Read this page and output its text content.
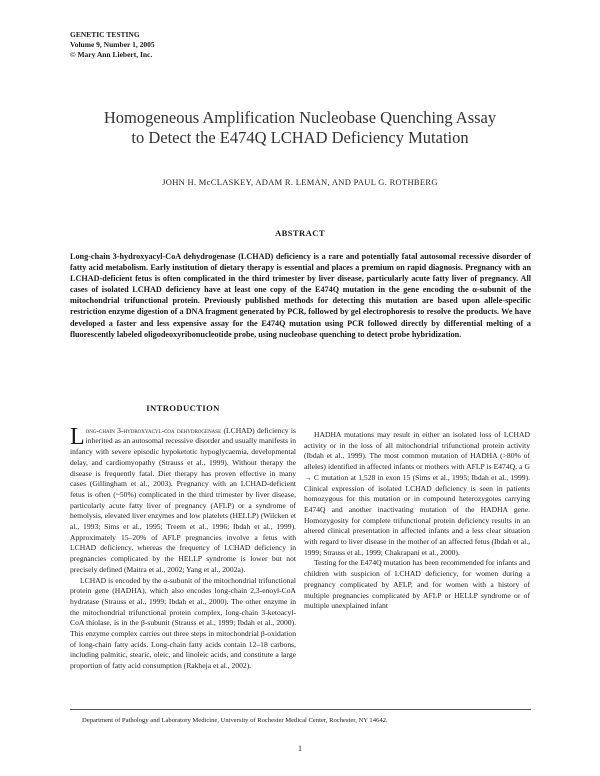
GENETIC TESTING
Volume 9, Number 1, 2005
© Mary Ann Liebert, Inc.
Homogeneous Amplification Nucleobase Quenching Assay
to Detect the E474Q LCHAD Deficiency Mutation
JOHN H. McCLASKEY, ADAM R. LEMAN, AND PAUL G. ROTHBERG
ABSTRACT

Long-chain 3-hydroxyacyl-CoA dehydrogenase (LCHAD) deficiency is a rare and potentially fatal autosomal recessive disorder of fatty acid metabolism. Early institution of dietary therapy is essential and places a premium on rapid diagnosis. Pregnancy with an LCHAD-deficient fetus is often complicated in the third trimester by liver disease, particularly acute fatty liver of pregnancy. All cases of isolated LCHAD deficiency have at least one copy of the E474Q mutation in the gene encoding the α-subunit of the mitochondrial trifunctional protein. Previously published methods for detecting this mutation are based upon allele-specific restriction enzyme digestion of a DNA fragment generated by PCR, followed by gel electrophoresis to resolve the products. We have developed a faster and less expensive assay for the E474Q mutation using PCR followed directly by differential melting of a fluorescently labeled oligodeoxyribonucleotide probe, using nucleobase quenching to detect probe hybridization.

INTRODUCTION

Long-chain 3-hydroxyacyl-coa dehydrogenase (LCHAD) deficiency is inherited as an autosomal recessive disorder and usually manifests in infancy with severe episodic hypoketotic hypoglycaemia, developmental delay, and cardiomyopathy (Strauss et al., 1999). Without therapy the disease is frequently fatal. Diet therapy has proven effective in many cases (Gillingham et al., 2003). Pregnancy with an LCHAD-deficient fetus is often (~50%) complicated in the third trimester by liver disease, particularly acute fatty liver of pregnancy (AFLP) or a syndrome of hemolysis, elevated liver enzymes and low platelets (HELLP) (Wilcken et al., 1993; Sims et al., 1995; Treem et al., 1996; Ibdah et al., 1999). Approximately 15–20% of AFLP pregnancies involve a fetus with LCHAD deficiency, whereas the frequency of LCHAD deficiency in pregnancies complicated by the HELLP syndrome is lower but not precisely defined (Maitra et al., 2002; Yang et al., 2002a).

LCHAD is encoded by the α-subunit of the mitochondrial trifunctional protein gene (HADHA), which also encodes long-chain 2,3-enoyl-CoA hydratase (Strauss et al., 1999; Ibdah et al., 2000). The other enzyme in the mitochondrial trifunctional protein complex, long-chain 3-ketoacyl-CoA thiolase, is in the β-subunit (Strauss et al., 1999; Ibdah et al., 2000). This enzyme complex carries out three steps in mitochondrial β-oxidation of long-chain fatty acids. Long-chain fatty acids contain 12–18 carbons, including palmitic, stearic, oleic, and linoleic acids, and constitute a large proportion of fatty acid consumption (Rakheja et al., 2002).

HADHA mutations may result in either an isolated loss of LCHAD activity or in the loss of all mitochondrial trifunctional protein activity (Ibdah et al., 1999). The most common mutation of HADHA (>80% of alleles) identified in affected infants or mothers with AFLP is E474Q, a G → C mutation at 1,528 in exon 15 (Sims et al., 1995; Ibdah et al., 1999). Clinical expression of isolated LCHAD deficiency is seen in patients homozygous for this mutation or in compound heterozygotes carrying E474Q and another inactivating mutation of the HADHA gene. Homozygosity for complete trifunctional protein deficiency results in an altered clinical presentation in affected infants and a less clear situation with regard to liver disease in the mother of an affected fetus (Ibdah et al., 1999; Strauss et al., 1999; Chakrapani et al., 2000).

Testing for the E474Q mutation has been recommended for infants and children with suspicion of LCHAD deficiency, for women during a pregnancy complicated by AFLP, and for women with a history of multiple pregnancies complicated by AFLP or HELLP syndrome or of multiple unexplained infant

Department of Pathology and Laboratory Medicine, University of Rochester Medical Center, Rochester, NY 14642.
1
